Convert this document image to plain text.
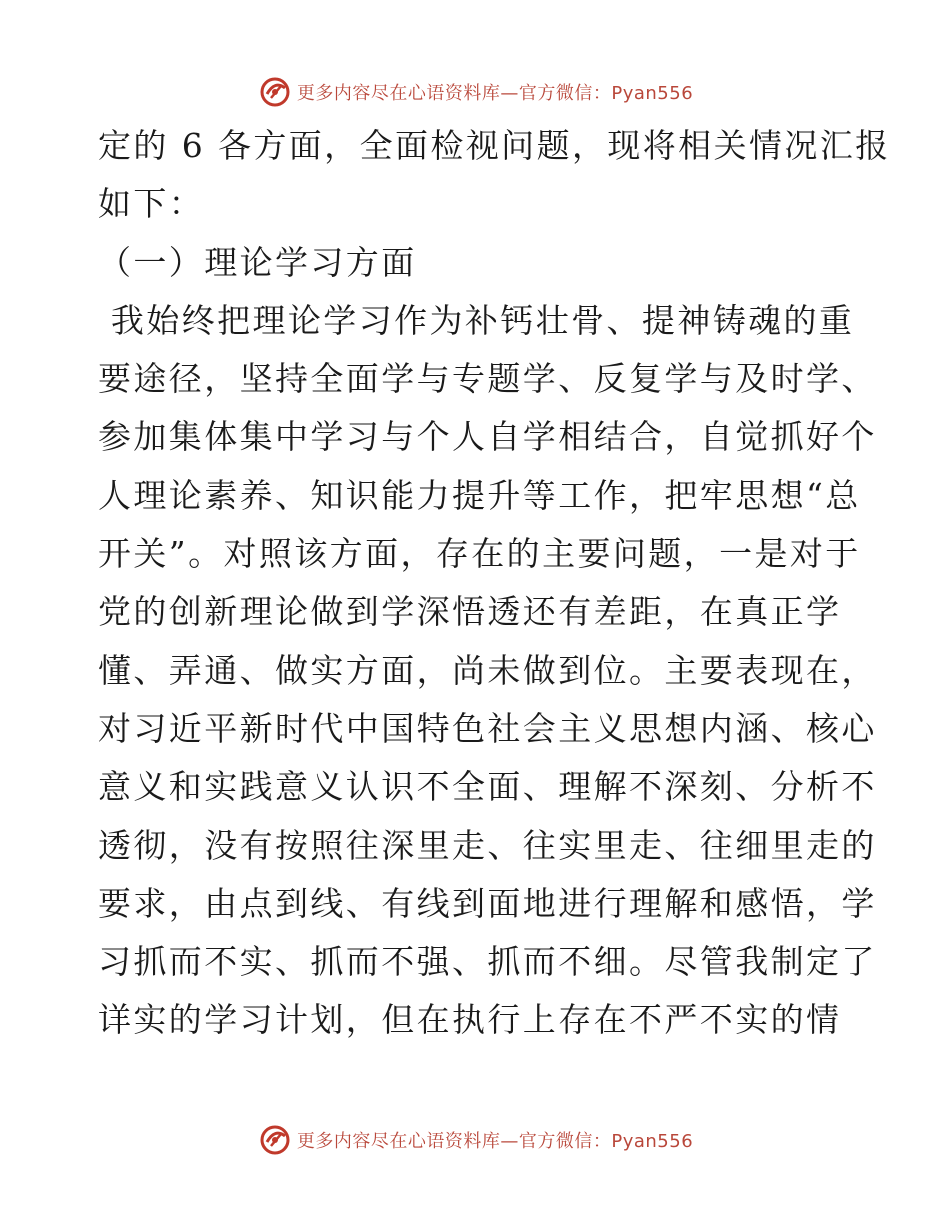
更多内容尽在心语资料库—官方微信：Pyan556
定的 6 各方面，全面检视问题，现将相关情况汇报
如下：
（一）理论学习方面
我始终把理论学习作为补钙壮骨、提神铸魂的重
要途径，坚持全面学与专题学、反复学与及时学、
参加集体集中学习与个人自学相结合，自觉抓好个
人理论素养、知识能力提升等工作，把牢思想“总
开关”。对照该方面，存在的主要问题，一是对于
党的创新理论做到学深悟透还有差距，在真正学
懂、弄通、做实方面，尚未做到位。主要表现在，
对习近平新时代中国特色社会主义思想内涵、核心
意义和实践意义认识不全面、理解不深刻、分析不
透彻，没有按照往深里走、往实里走、往细里走的
要求，由点到线、有线到面地进行理解和感悟，学
习抓而不实、抓而不强、抓而不细。尽管我制定了
详实的学习计划，但在执行上存在不严不实的情
更多内容尽在心语资料库—官方微信：Pyan556
